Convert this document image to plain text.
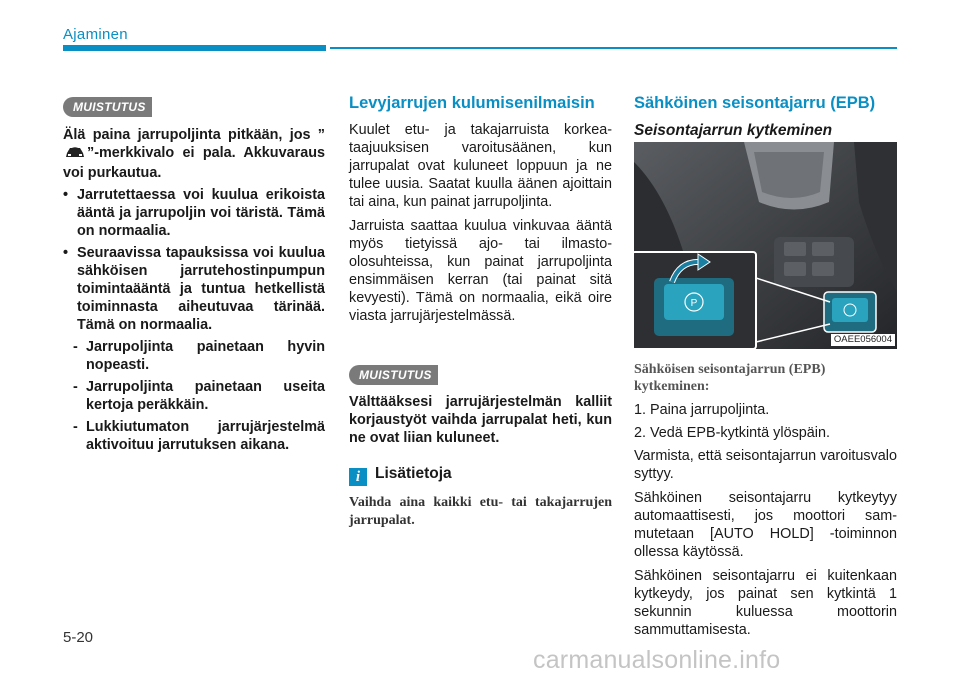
Ajaminen
MUISTUTUS

Älä paina jarrupoljinta pitkään, jos ””-merkkivalo ei pala. Akkuvaraus voi purkautua.

• Jarrutettaessa voi kuulua erikoista ääntä ja jarrupoljin voi täristä. Tämä on normaalia.
• Seuraavissa tapauksissa voi kuulua sähköisen jarrutehostinpumpun toimintaääntä ja tuntua hetkellistä toiminnasta aiheutuvaa tärinää. Tämä on normaalia.
- Jarrupoljinta painetaan hyvin nopeasti.
- Jarrupoljinta painetaan useita kertoja peräkkäin.
- Lukkiutumaton jarrujärjestelmä aktivoituu jarrutuksen aikana.
Levyjarrujen kulumisenilmaisin

Kuulet etu- ja takajarruista korkeataajuuksisen varoitusäänen, kun jarrupalat ovat kuluneet loppuun ja ne tulee uusia. Saatat kuulla äänen ajoittain tai aina, kun painat jarrupoljinta.

Jarruista saattaa kuulua vinkuvaa ääntä myös tietyissä ajo- tai ilmasto-olosuhteissa, kun painat jarrupoljinta ensimmäisen kerran (tai painat sitä kevyesti). Tämä on normaalia, eikä oire viasta jarrujärjestelmässä.

MUISTUTUS

Välttääksesi jarrujärjestelmän kalliit korjaustyöt vaihda jarrupalat heti, kun ne ovat liian kuluneet.

i Lisätietoja

Vaihda aina kaikki etu- tai takajarrujen jarrupalat.

Sähköinen seisontajarru (EPB)
Seisontajarrun kytkeminen
P
OAEE056004

Sähköisen seisontajarrun (EPB) kytkeminen:

1. Paina jarrupoljinta.

2. Vedä EPB-kytkintä ylöspäin.

Varmista, että seisontajarrun varoitusvalo syttyy.

Sähköinen seisontajarru kytkeytyy automaattisesti, jos moottori sammutetaan [AUTO HOLD] -toiminnon ollessa käytössä.

Sähköinen seisontajarru ei kuitenkaan kytkeydy, jos painat sen kytkintä 1 sekunnin kuluessa moottorin sammuttamisesta.

5-20
carmanualsonline.info
